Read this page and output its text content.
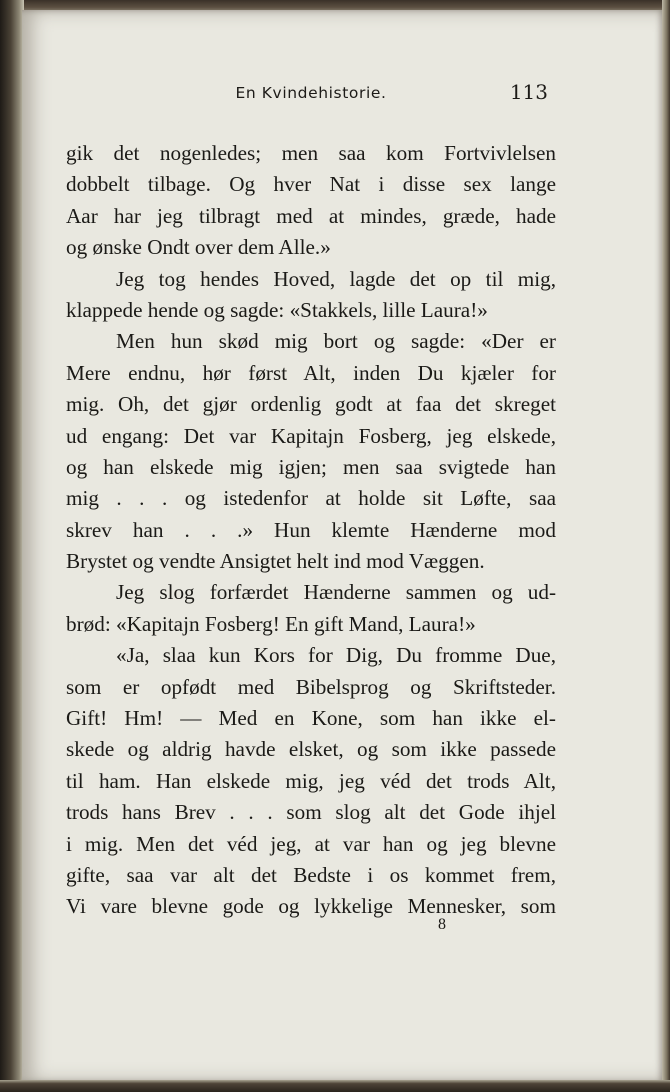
En Kvindehistorie.	113
gik det nogenledes; men saa kom Fortvivlelsen
dobbelt tilbage. Og hver Nat i disse sex lange
Aar har jeg tilbragt med at mindes, græde, hade
og ønske Ondt over dem Alle.»
Jeg tog hendes Hoved, lagde det op til mig,
klappede hende og sagde: «Stakkels, lille Laura!»
Men hun skød mig bort og sagde: «Der er
Mere endnu, hør først Alt, inden Du kjæler for
mig. Oh, det gjør ordenlig godt at faa det skreget
ud engang: Det var Kapitajn Fosberg, jeg elskede,
og han elskede mig igjen; men saa svigtede han
mig . . . og istedenfor at holde sit Løfte, saa
skrev han . . .» Hun klemte Hænderne mod
Brystet og vendte Ansigtet helt ind mod Væggen.
Jeg slog forfærdet Hænderne sammen og ud-
brød: «Kapitajn Fosberg! En gift Mand, Laura!»
«Ja, slaa kun Kors for Dig, Du fromme Due,
som er opfødt med Bibelsprog og Skriftsteder.
Gift! Hm! — Med en Kone, som han ikke el-
skede og aldrig havde elsket, og som ikke passede
til ham. Han elskede mig, jeg véd det trods Alt,
trods hans Brev . . . som slog alt det Gode ihjel
i mig. Men det véd jeg, at var han og jeg blevne
gifte, saa var alt det Bedste i os kommet frem,
Vi vare blevne gode og lykkelige Mennesker, som
8
